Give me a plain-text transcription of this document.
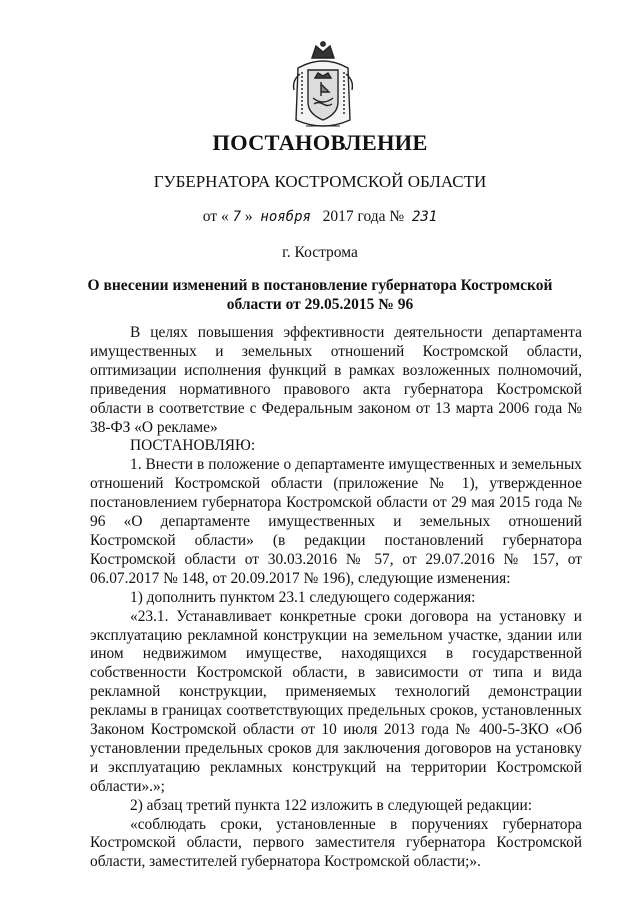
ПОСТАНОВЛЕНИЕ
ГУБЕРНАТОРА КОСТРОМСКОЙ ОБЛАСТИ
от « 7 » ноября 2017 года № 231
г. Кострома
О внесении изменений в постановление губернатора Костромской области от 29.05.2015 № 96

В целях повышения эффективности деятельности департамента имущественных и земельных отношений Костромской области, оптимизации исполнения функций в рамках возложенных полномочий, приведения нормативного правового акта губернатора Костромской области в соответствие с Федеральным законом от 13 марта 2006 года № 38-ФЗ «О рекламе»

ПОСТАНОВЛЯЮ:

1. Внести в положение о департаменте имущественных и земельных отношений Костромской области (приложение № 1), утвержденное постановлением губернатора Костромской области от 29 мая 2015 года № 96 «О департаменте имущественных и земельных отношений Костромской области» (в редакции постановлений губернатора Костромской области от 30.03.2016 № 57, от 29.07.2016 № 157, от 06.07.2017 № 148, от 20.09.2017 № 196), следующие изменения:

1) дополнить пунктом 23.1 следующего содержания:

«23.1. Устанавливает конкретные сроки договора на установку и эксплуатацию рекламной конструкции на земельном участке, здании или ином недвижимом имуществе, находящихся в государственной собственности Костромской области, в зависимости от типа и вида рекламной конструкции, применяемых технологий демонстрации рекламы в границах соответствующих предельных сроков, установленных Законом Костромской области от 10 июля 2013 года № 400-5-ЗКО «Об установлении предельных сроков для заключения договоров на установку и эксплуатацию рекламных конструкций на территории Костромской области».»;

2) абзац третий пункта 122 изложить в следующей редакции:

«соблюдать сроки, установленные в поручениях губернатора Костромской области, первого заместителя губернатора Костромской области, заместителей губернатора Костромской области;».
